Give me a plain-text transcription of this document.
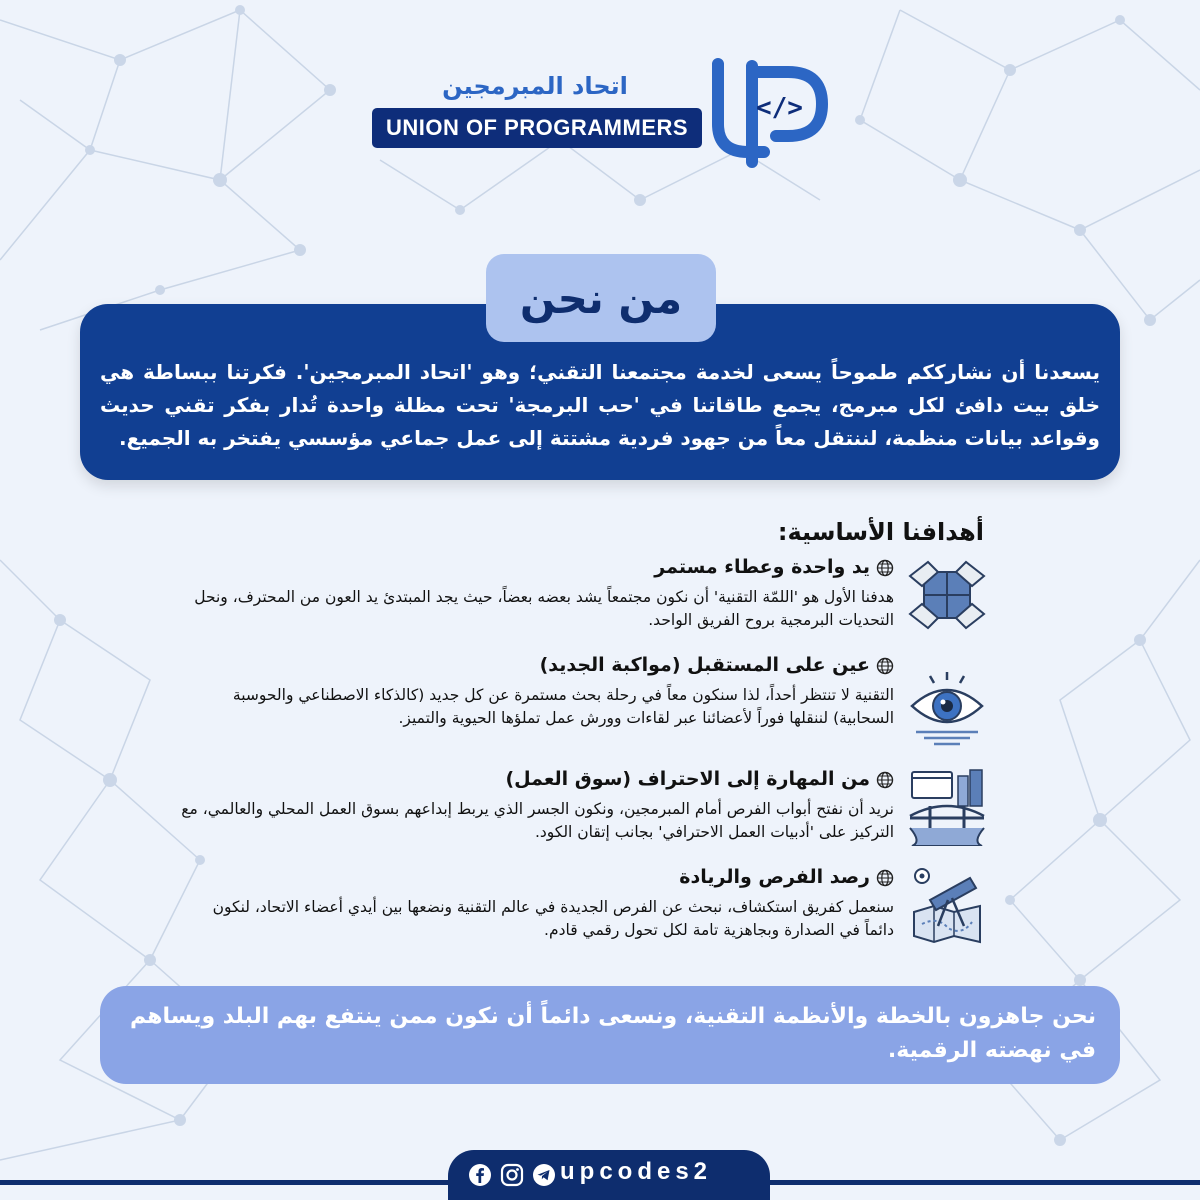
اتحاد المبرمجين
UNION OF PROGRAMMERS
</>
من نحن
يسعدنا أن نشارككم طموحاً يسعى لخدمة مجتمعنا التقني؛ وهو 'اتحاد المبرمجين'. فكرتنا ببساطة هي خلق بيت دافئ لكل مبرمج، يجمع طاقاتنا في 'حب البرمجة' تحت مظلة واحدة تُدار بفكر تقني حديث وقواعد بيانات منظمة، لننتقل معاً من جهود فردية مشتتة إلى عمل جماعي مؤسسي يفتخر به الجميع.
أهدافنا الأساسية:
يد واحدة وعطاء مستمر
هدفنا الأول هو 'اللمّة التقنية' أن نكون مجتمعاً يشد بعضه بعضاً، حيث يجد المبتدئ يد العون من المحترف، ونحل التحديات البرمجية بروح الفريق الواحد.
عين على المستقبل (مواكبة الجديد)
التقنية لا تنتظر أحداً، لذا سنكون معاً في رحلة بحث مستمرة عن كل جديد (كالذكاء الاصطناعي والحوسبة السحابية) لننقلها فوراً لأعضائنا عبر لقاءات وورش عمل تملؤها الحيوية والتميز.
من المهارة إلى الاحتراف (سوق العمل)
نريد أن نفتح أبواب الفرص أمام المبرمجين، ونكون الجسر الذي يربط إبداعهم بسوق العمل المحلي والعالمي، مع التركيز على 'أدبيات العمل الاحترافي' بجانب إتقان الكود.
رصد الفرص والريادة
سنعمل كفريق استكشاف، نبحث عن الفرص الجديدة في عالم التقنية ونضعها بين أيدي أعضاء الاتحاد، لنكون دائماً في الصدارة وبجاهزية تامة لكل تحول رقمي قادم.
نحن جاهزون بالخطة والأنظمة التقنية، ونسعى دائماً أن نكون ممن ينتفع بهم البلد ويساهم في نهضته الرقمية.
upcodes2
